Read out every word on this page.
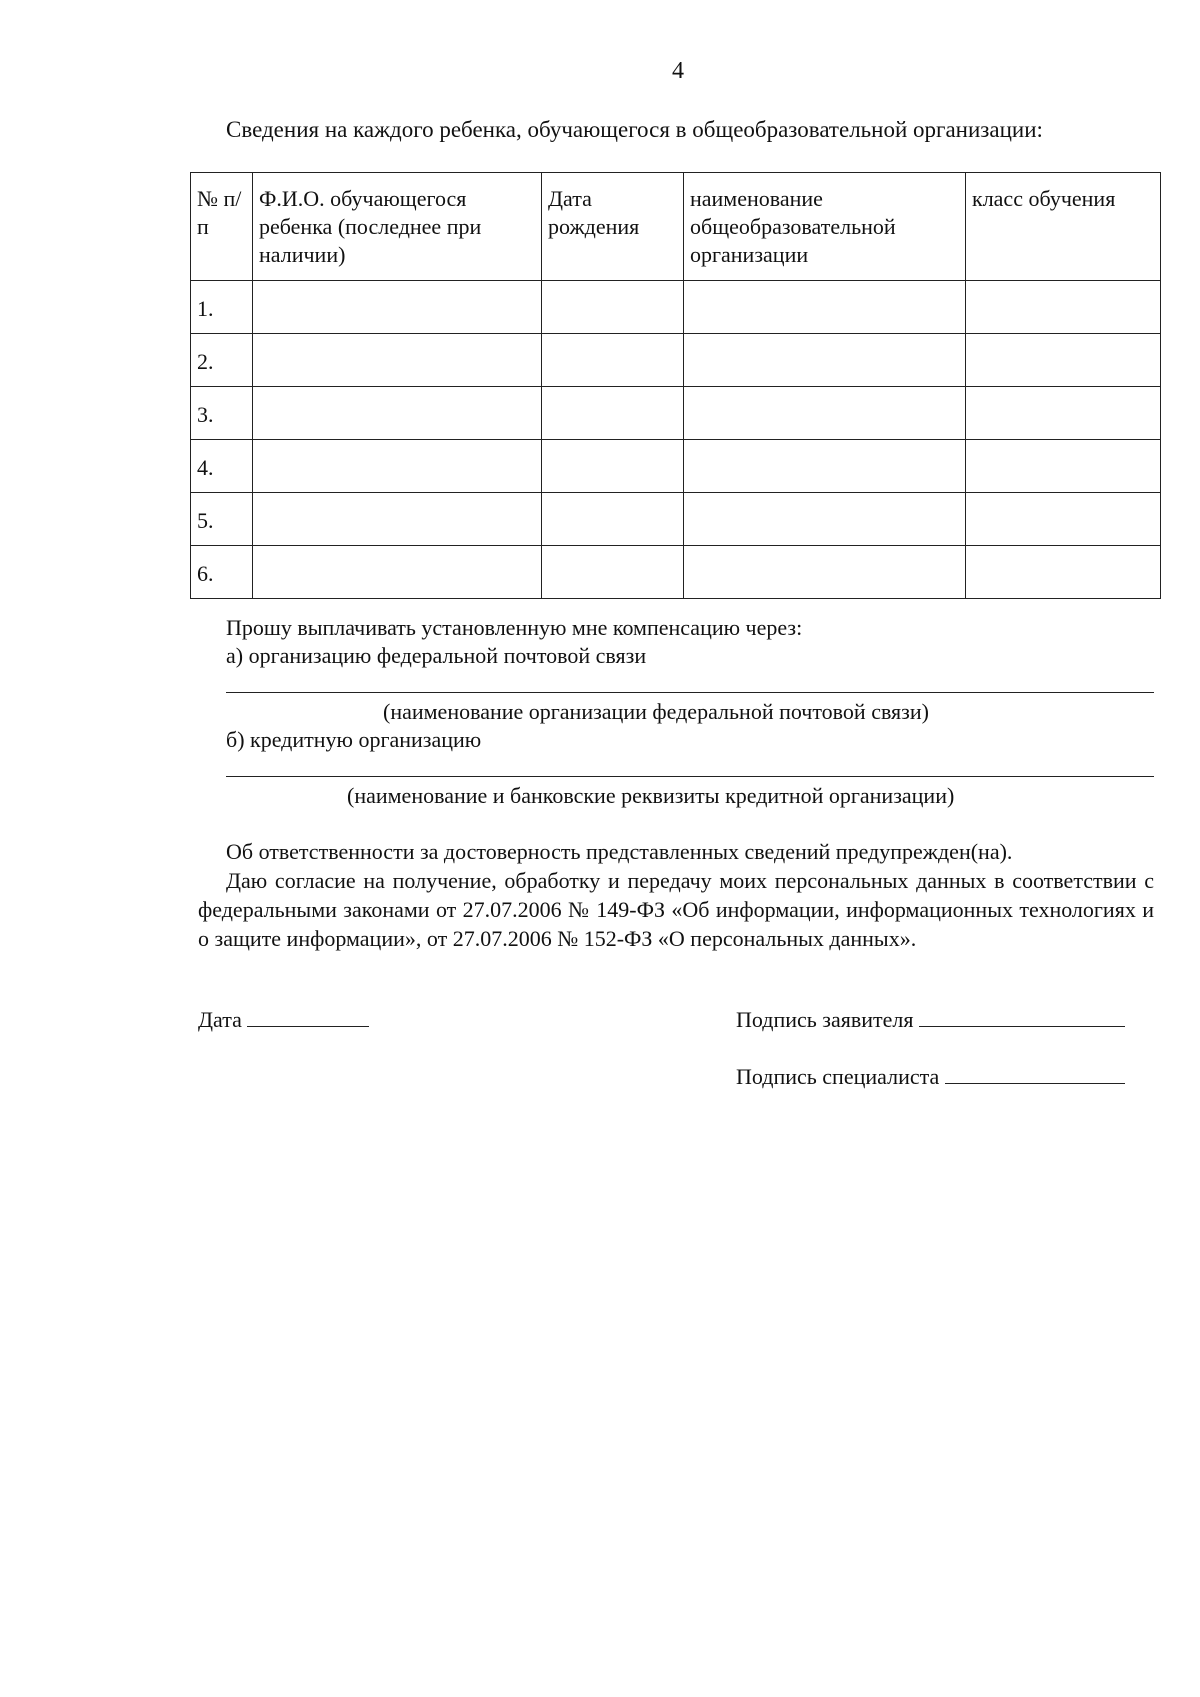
4
Сведения на каждого ребенка, обучающегося в общеобразовательной организации:
№ п/п	Ф.И.О. обучающегося ребенка (последнее при наличии)	Дата рождения	наименование общеобразовательной организации	класс обучения
1.				
2.				
3.				
4.				
5.				
6.				
Прошу выплачивать установленную мне компенсацию через:
а) организацию федеральной почтовой связи
(наименование организации федеральной почтовой связи)
б) кредитную организацию
(наименование и банковские реквизиты кредитной организации)
Об ответственности за достоверность представленных сведений предупрежден(на).
Даю согласие на получение, обработку и передачу моих персональных данных в соответствии с федеральными законами от 27.07.2006 № 149-ФЗ «Об информации, информационных технологиях и о защите информации», от 27.07.2006 № 152-ФЗ «О персональных данных».
Дата	Подпись заявителя
Подпись специалиста
